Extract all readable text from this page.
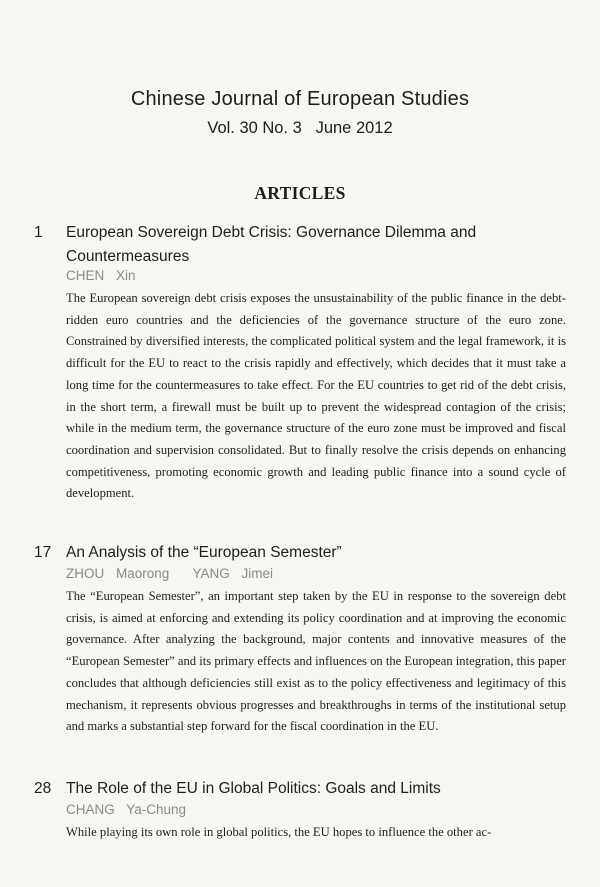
Chinese Journal of European Studies
Vol. 30 No. 3   June 2012
ARTICLES
1 European Sovereign Debt Crisis: Governance Dilemma and Countermeasures
CHEN Xin

The European sovereign debt crisis exposes the unsustainability of the public finance in the debt-ridden euro countries and the deficiencies of the governance structure of the euro zone. Constrained by diversified interests, the complicated political system and the legal framework, it is difficult for the EU to react to the crisis rapidly and effectively, which decides that it must take a long time for the countermeasures to take effect. For the EU countries to get rid of the debt crisis, in the short term, a firewall must be built up to prevent the widespread contagion of the crisis; while in the medium term, the governance structure of the euro zone must be improved and fiscal coordination and supervision consolidated. But to finally resolve the crisis depends on enhancing competitiveness, promoting economic growth and leading public finance into a sound cycle of development.

17 An Analysis of the “European Semester”
ZHOU Maorong  YANG Jimei

The “European Semester”, an important step taken by the EU in response to the sovereign debt crisis, is aimed at enforcing and extending its policy coordination and at improving the economic governance. After analyzing the background, major contents and innovative measures of the “European Semester” and its primary effects and influences on the European integration, this paper concludes that although deficiencies still exist as to the policy effectiveness and legitimacy of this mechanism, it represents obvious progresses and breakthroughs in terms of the institutional setup and marks a substantial step forward for the fiscal coordination in the EU.

28 The Role of the EU in Global Politics: Goals and Limits
CHANG Ya-Chung

While playing its own role in global politics, the EU hopes to influence the other ac-
